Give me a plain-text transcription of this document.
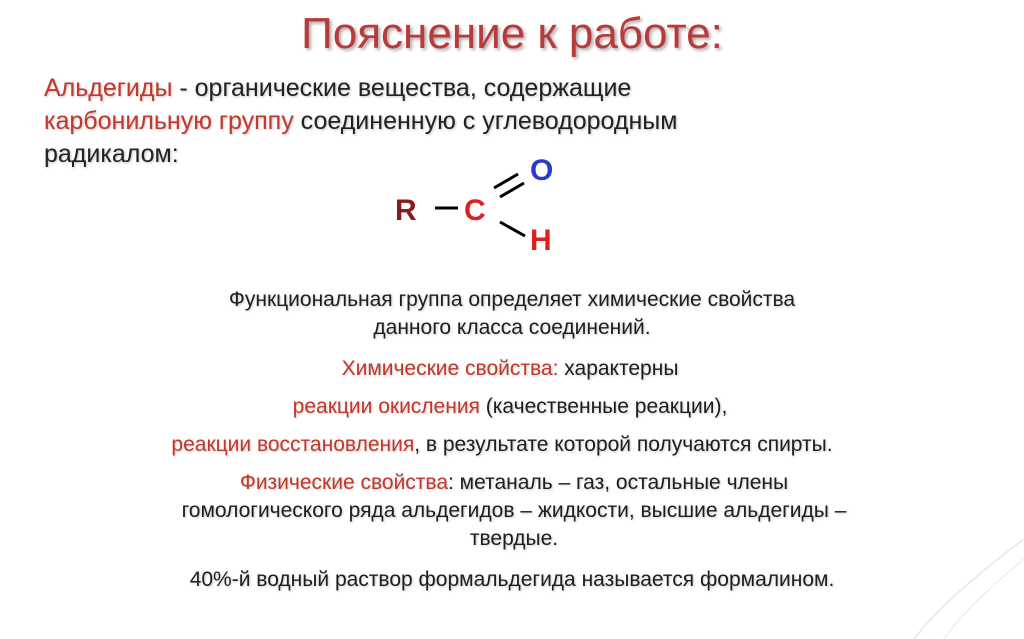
Пояснение к работе:
Альдегиды - органические вещества, содержащие
карбонильную группу соединенную с углеводородным
радикалом:
R C
O
H
Функциональная группа определяет химические свойства
данного класса соединений.
Химические свойства: характерны
реакции окисления (качественные реакции),
реакции восстановления, в результате которой получаются спирты.
Физические свойства: метаналь – газ, остальные члены
гомологического ряда альдегидов – жидкости, высшие альдегиды –
твердые.
40%-й водный раствор формальдегида называется формалином.
